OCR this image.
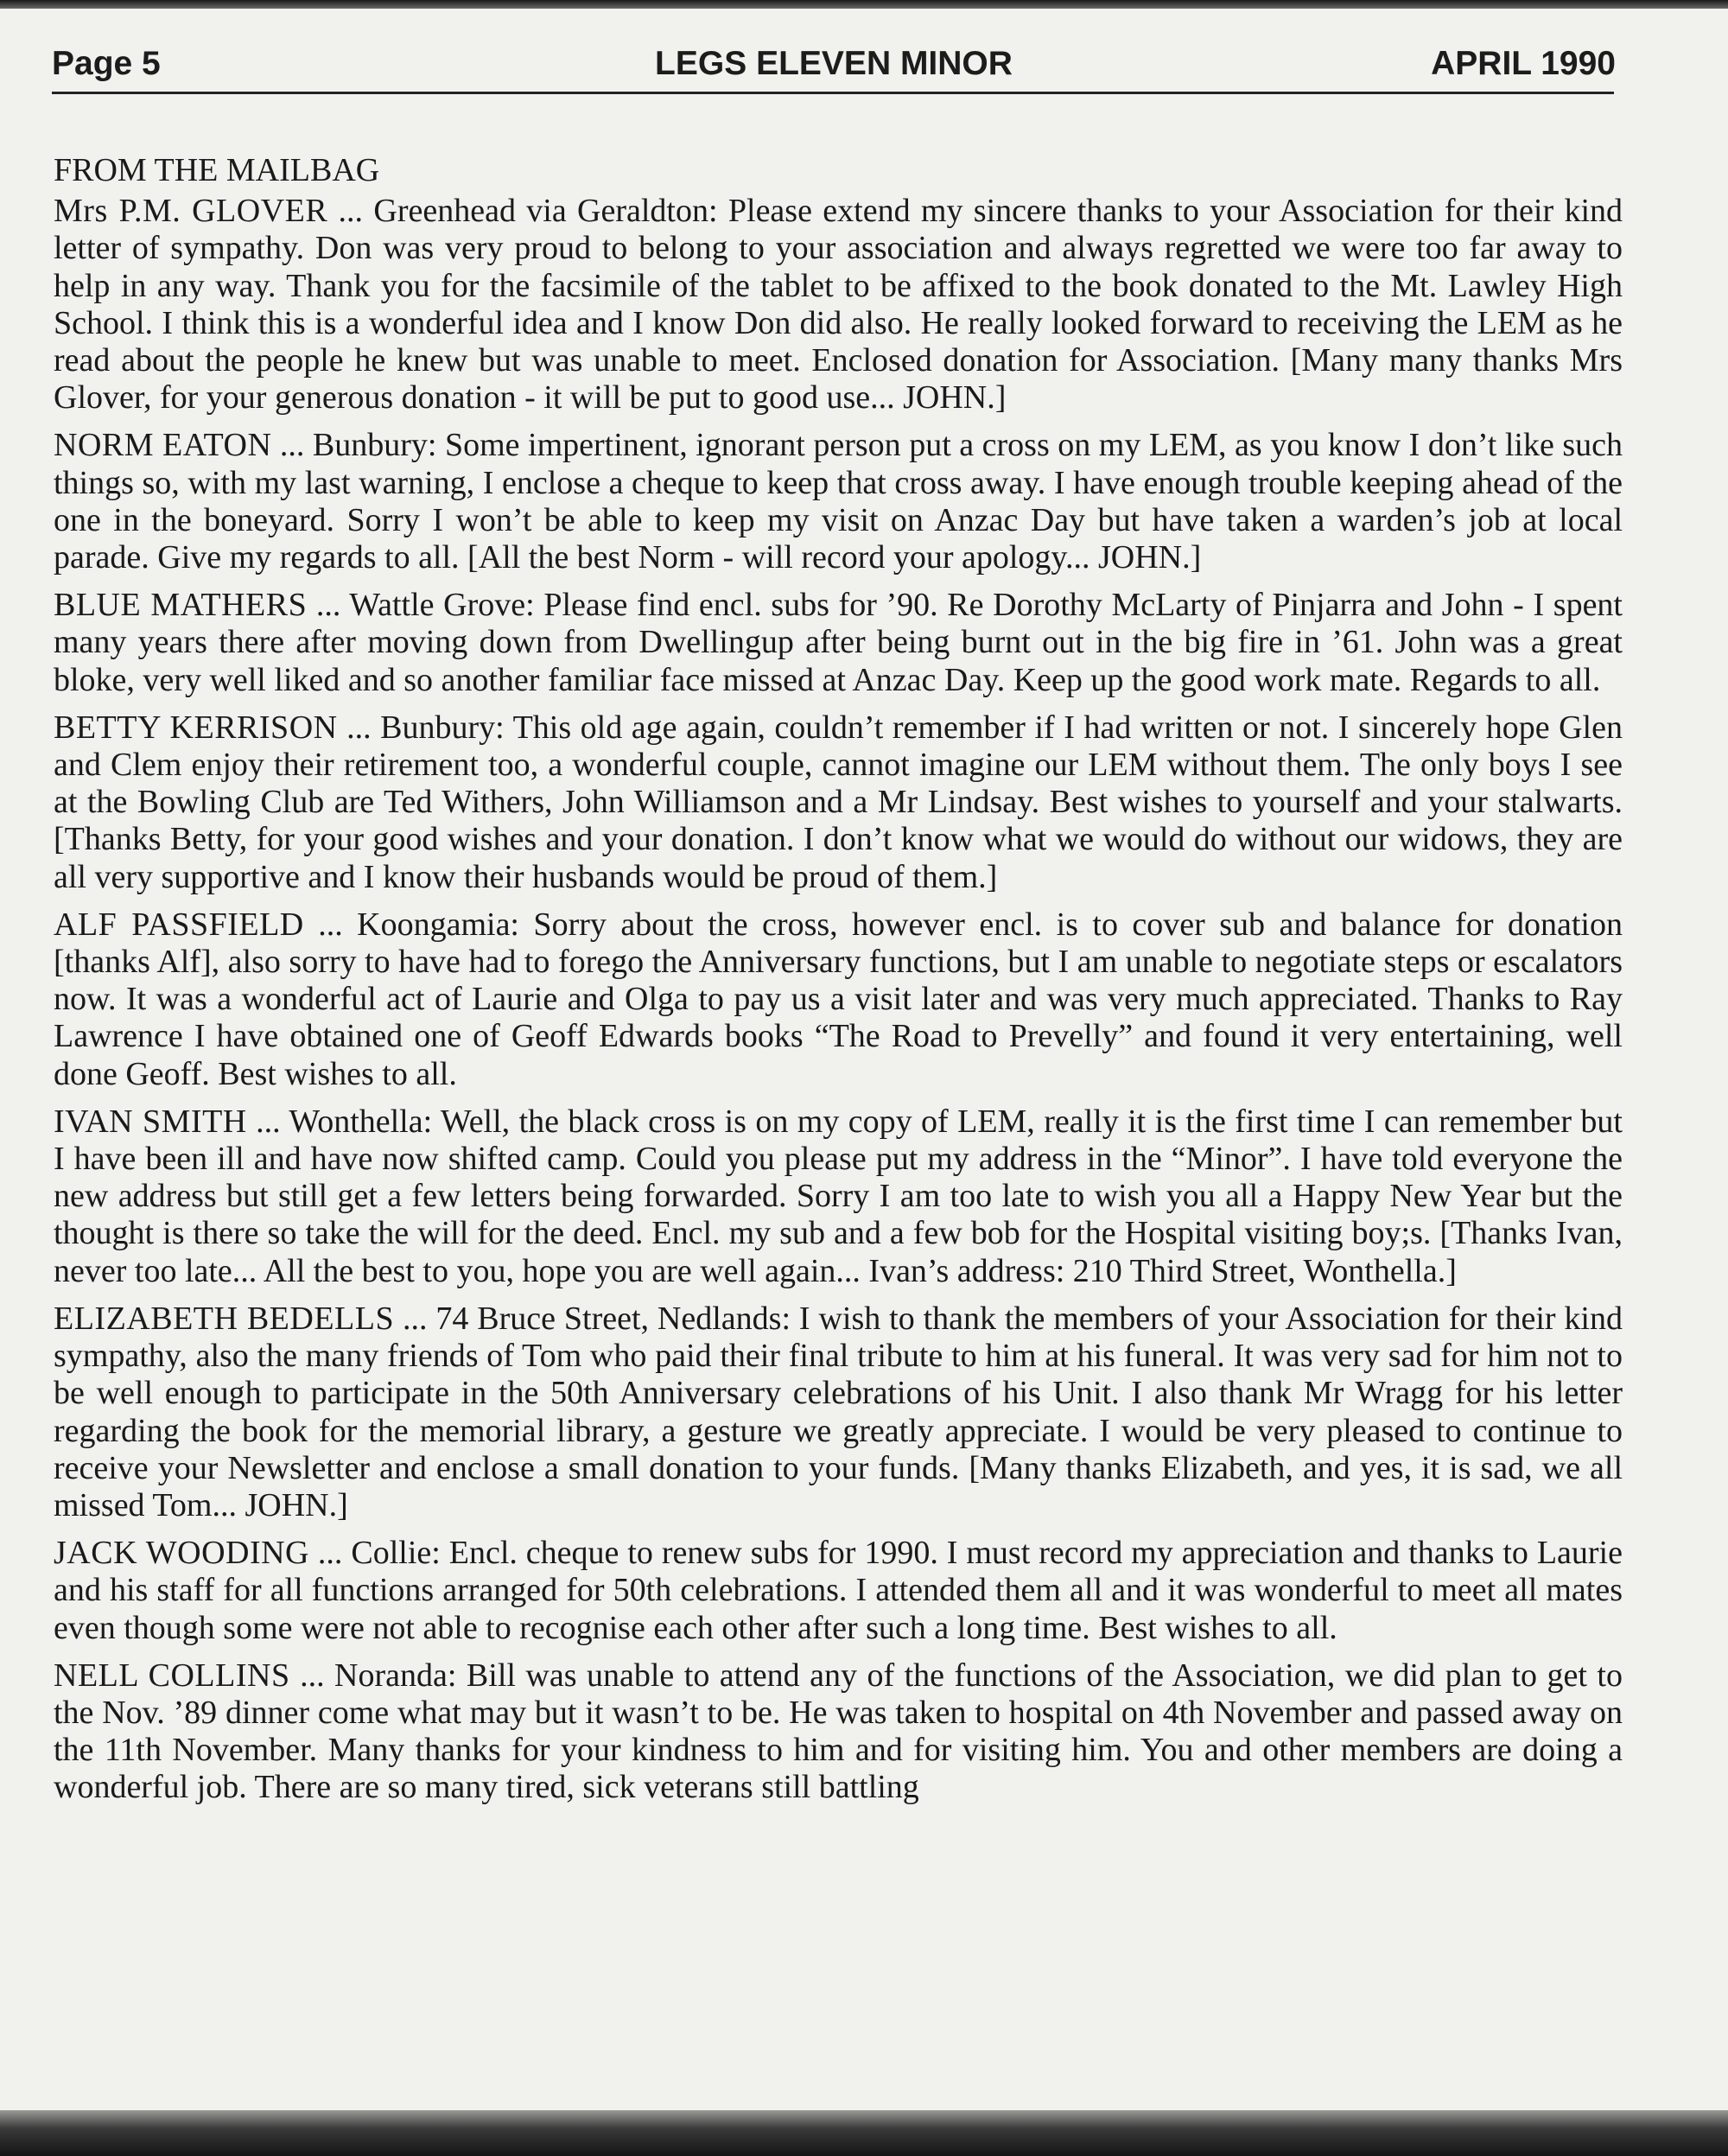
Page 5	LEGS ELEVEN MINOR	APRIL 1990

FROM THE MAILBAG

Mrs P.M. GLOVER ... Greenhead via Geraldton: Please extend my sincere thanks to your Association for their kind letter of sympathy. Don was very proud to belong to your association and always regretted we were too far away to help in any way. Thank you for the facsimile of the tablet to be affixed to the book donated to the Mt. Lawley High School. I think this is a wonderful idea and I know Don did also. He really looked forward to receiving the LEM as he read about the people he knew but was unable to meet. Enclosed donation for Association. [Many many thanks Mrs Glover, for your generous donation - it will be put to good use... JOHN.]

NORM EATON ... Bunbury: Some impertinent, ignorant person put a cross on my LEM, as you know I don’t like such things so, with my last warning, I enclose a cheque to keep that cross away. I have enough trouble keeping ahead of the one in the boneyard. Sorry I won’t be able to keep my visit on Anzac Day but have taken a warden’s job at local parade. Give my regards to all. [All the best Norm - will record your apology... JOHN.]

BLUE MATHERS ... Wattle Grove: Please find encl. subs for ’90. Re Dorothy McLarty of Pinjarra and John - I spent many years there after moving down from Dwellingup after being burnt out in the big fire in ’61. John was a great bloke, very well liked and so another familiar face missed at Anzac Day. Keep up the good work mate. Regards to all.

BETTY KERRISON ... Bunbury: This old age again, couldn’t remember if I had written or not. I sincerely hope Glen and Clem enjoy their retirement too, a wonderful couple, cannot imagine our LEM without them. The only boys I see at the Bowling Club are Ted Withers, John Williamson and a Mr Lindsay. Best wishes to yourself and your stalwarts. [Thanks Betty, for your good wishes and your donation. I don’t know what we would do without our widows, they are all very supportive and I know their husbands would be proud of them.]

ALF PASSFIELD ... Koongamia: Sorry about the cross, however encl. is to cover sub and balance for donation [thanks Alf], also sorry to have had to forego the Anniversary functions, but I am unable to negotiate steps or escalators now. It was a wonderful act of Laurie and Olga to pay us a visit later and was very much appreciated. Thanks to Ray Lawrence I have obtained one of Geoff Edwards books “The Road to Prevelly” and found it very entertaining, well done Geoff. Best wishes to all.

IVAN SMITH ... Wonthella: Well, the black cross is on my copy of LEM, really it is the first time I can remember but I have been ill and have now shifted camp. Could you please put my address in the “Minor”. I have told everyone the new address but still get a few letters being forwarded. Sorry I am too late to wish you all a Happy New Year but the thought is there so take the will for the deed. Encl. my sub and a few bob for the Hospital visiting boy;s. [Thanks Ivan, never too late... All the best to you, hope you are well again... Ivan’s address: 210 Third Street, Wonthella.]

ELIZABETH BEDELLS ... 74 Bruce Street, Nedlands: I wish to thank the members of your Association for their kind sympathy, also the many friends of Tom who paid their final tribute to him at his funeral. It was very sad for him not to be well enough to participate in the 50th Anniversary celebrations of his Unit. I also thank Mr Wragg for his letter regarding the book for the memorial library, a gesture we greatly appreciate. I would be very pleased to continue to receive your Newsletter and enclose a small donation to your funds. [Many thanks Elizabeth, and yes, it is sad, we all missed Tom... JOHN.]

JACK WOODING ... Collie: Encl. cheque to renew subs for 1990. I must record my appreciation and thanks to Laurie and his staff for all functions arranged for 50th celebrations. I attended them all and it was wonderful to meet all mates even though some were not able to recognise each other after such a long time. Best wishes to all.

NELL COLLINS ... Noranda: Bill was unable to attend any of the functions of the Association, we did plan to get to the Nov. ’89 dinner come what may but it wasn’t to be. He was taken to hospital on 4th November and passed away on the 11th November. Many thanks for your kindness to him and for visiting him. You and other members are doing a wonderful job. There are so many tired, sick veterans still battling
